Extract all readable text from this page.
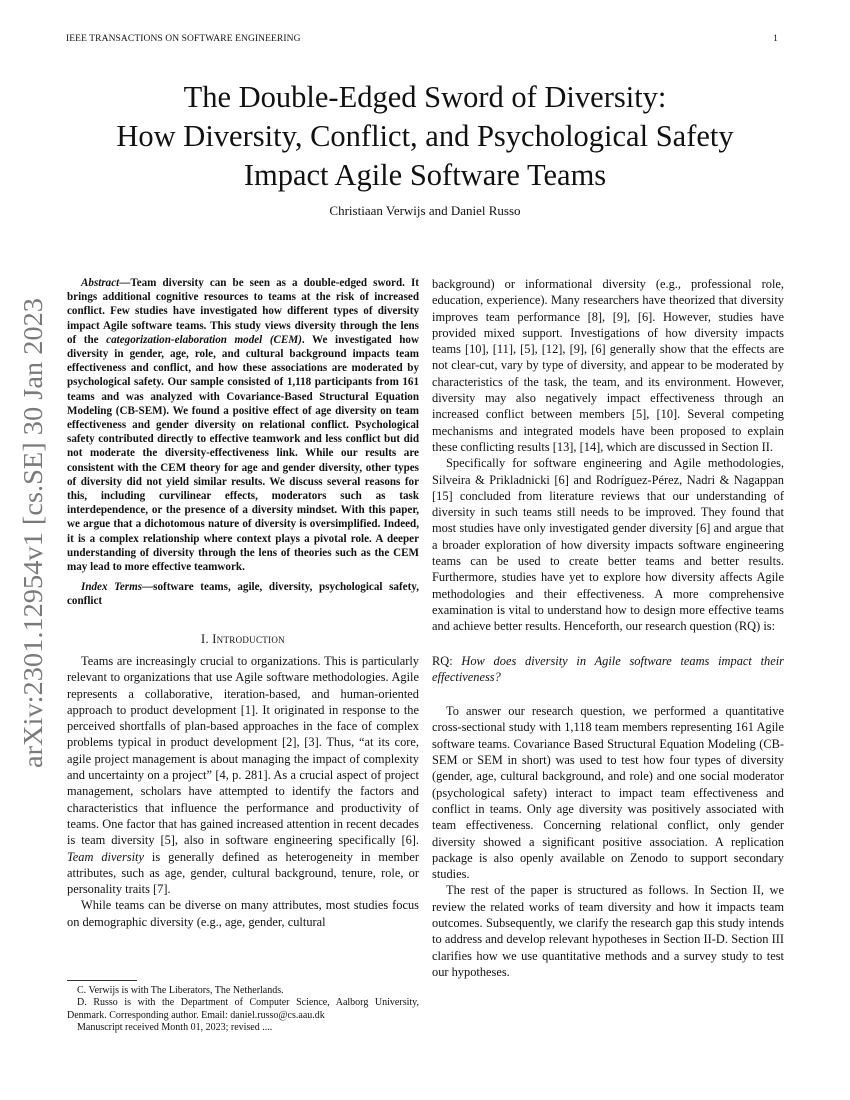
IEEE TRANSACTIONS ON SOFTWARE ENGINEERING	1
arXiv:2301.12954v1 [cs.SE] 30 Jan 2023
The Double-Edged Sword of Diversity:
How Diversity, Conflict, and Psychological Safety
Impact Agile Software Teams
Christiaan Verwijs and Daniel Russo

Abstract—Team diversity can be seen as a double-edged sword. It brings additional cognitive resources to teams at the risk of increased conflict. Few studies have investigated how different types of diversity impact Agile software teams. This study views diversity through the lens of the categorization-elaboration model (CEM). We investigated how diversity in gender, age, role, and cultural background impacts team effectiveness and conflict, and how these associations are moderated by psychological safety. Our sample consisted of 1,118 participants from 161 teams and was analyzed with Covariance-Based Structural Equation Modeling (CB-SEM). We found a positive effect of age diversity on team effectiveness and gender diversity on relational conflict. Psychological safety contributed directly to effective teamwork and less conflict but did not moderate the diversity-effectiveness link. While our results are consistent with the CEM theory for age and gender diversity, other types of diversity did not yield similar results. We discuss several reasons for this, including curvilinear effects, moderators such as task interdependence, or the presence of a diversity mindset. With this paper, we argue that a dichotomous nature of diversity is oversimplified. Indeed, it is a complex relationship where context plays a pivotal role. A deeper understanding of diversity through the lens of theories such as the CEM may lead to more effective teamwork.

Index Terms—software teams, agile, diversity, psychological safety, conflict

I. Introduction

Teams are increasingly crucial to organizations. This is particularly relevant to organizations that use Agile software methodologies. Agile represents a collaborative, iteration-based, and human-oriented approach to product development [1]. It originated in response to the perceived shortfalls of plan-based approaches in the face of complex problems typical in product development [2], [3]. Thus, “at its core, agile project management is about managing the impact of complexity and uncertainty on a project” [4, p. 281]. As a crucial aspect of project management, scholars have attempted to identify the factors and characteristics that influence the performance and productivity of teams. One factor that has gained increased attention in recent decades is team diversity [5], also in software engineering specifically [6]. Team diversity is generally defined as heterogeneity in member attributes, such as age, gender, cultural background, tenure, role, or personality traits [7].

While teams can be diverse on many attributes, most studies focus on demographic diversity (e.g., age, gender, cultural

background) or informational diversity (e.g., professional role, education, experience). Many researchers have theorized that diversity improves team performance [8], [9], [6]. However, studies have provided mixed support. Investigations of how diversity impacts teams [10], [11], [5], [12], [9], [6] generally show that the effects are not clear-cut, vary by type of diversity, and appear to be moderated by characteristics of the task, the team, and its environment. However, diversity may also negatively impact effectiveness through an increased conflict between members [5], [10]. Several competing mechanisms and integrated models have been proposed to explain these conflicting results [13], [14], which are discussed in Section II.

Specifically for software engineering and Agile methodologies, Silveira & Prikladnicki [6] and Rodríguez-Pérez, Nadri & Nagappan [15] concluded from literature reviews that our understanding of diversity in such teams still needs to be improved. They found that most studies have only investigated gender diversity [6] and argue that a broader exploration of how diversity impacts software engineering teams can be used to create better teams and better results. Furthermore, studies have yet to explore how diversity affects Agile methodologies and their effectiveness. A more comprehensive examination is vital to understand how to design more effective teams and achieve better results. Henceforth, our research question (RQ) is:

RQ: How does diversity in Agile software teams impact their effectiveness?

To answer our research question, we performed a quantitative cross-sectional study with 1,118 team members representing 161 Agile software teams. Covariance Based Structural Equation Modeling (CB-SEM or SEM in short) was used to test how four types of diversity (gender, age, cultural background, and role) and one social moderator (psychological safety) interact to impact team effectiveness and conflict in teams. Only age diversity was positively associated with team effectiveness. Concerning relational conflict, only gender diversity showed a significant positive association. A replication package is also openly available on Zenodo to support secondary studies.

The rest of the paper is structured as follows. In Section II, we review the related works of team diversity and how it impacts team outcomes. Subsequently, we clarify the research gap this study intends to address and develop relevant hypotheses in Section II-D. Section III clarifies how we use quantitative methods and a survey study to test our hypotheses.

C. Verwijs is with The Liberators, The Netherlands.

D. Russo is with the Department of Computer Science, Aalborg University, Denmark. Corresponding author. Email: daniel.russo@cs.aau.dk

Manuscript received Month 01, 2023; revised ....
